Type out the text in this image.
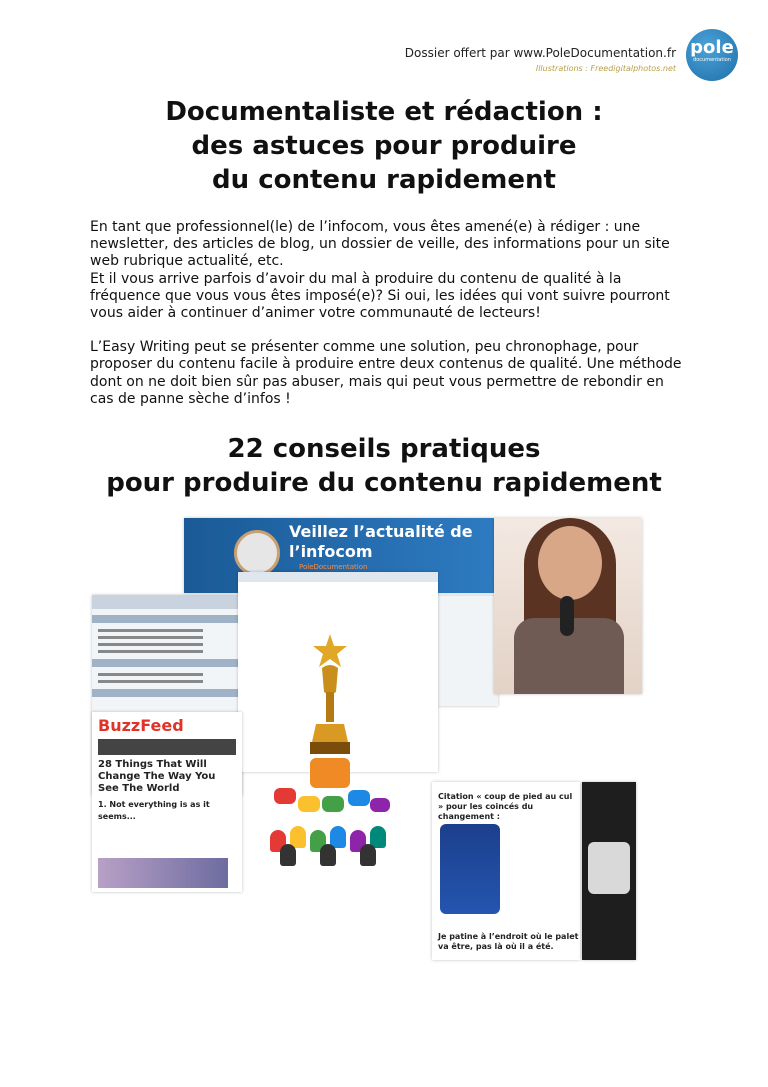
Dossier offert par www.PoleDocumentation.fr
Illustrations : Freedigitalphotos.net
pole
documentation
Documentaliste et rédaction :
des astuces pour produire
du contenu rapidement

En tant que professionnel(le) de l’infocom, vous êtes amené(e) à rédiger : une newsletter, des articles de blog, un dossier de veille, des informations pour un site web rubrique actualité, etc.

Et il vous arrive parfois d’avoir du mal à produire du contenu de qualité à la fréquence que vous vous êtes imposé(e)? Si oui, les idées qui vont suivre pourront vous aider à continuer d’animer votre communauté de lecteurs!

L’Easy Writing peut se présenter comme une solution, peu chronophage, pour proposer du contenu facile à produire entre deux contenus de qualité. Une méthode dont on ne doit bien sûr pas abuser, mais qui peut vous permettre de rebondir en cas de panne sèche d’infos !

22 conseils pratiques
pour produire du contenu rapidement
Veillez l’actualité de
l’infocom
PoleDocumentation
BuzzFeed
28 Things That Will Change The Way You See The World
1. Not everything is as it seems...
Citation « coup de pied au cul » pour les coincés du changement :
Je patine à l’endroit où le palet va être, pas là où il a été.
